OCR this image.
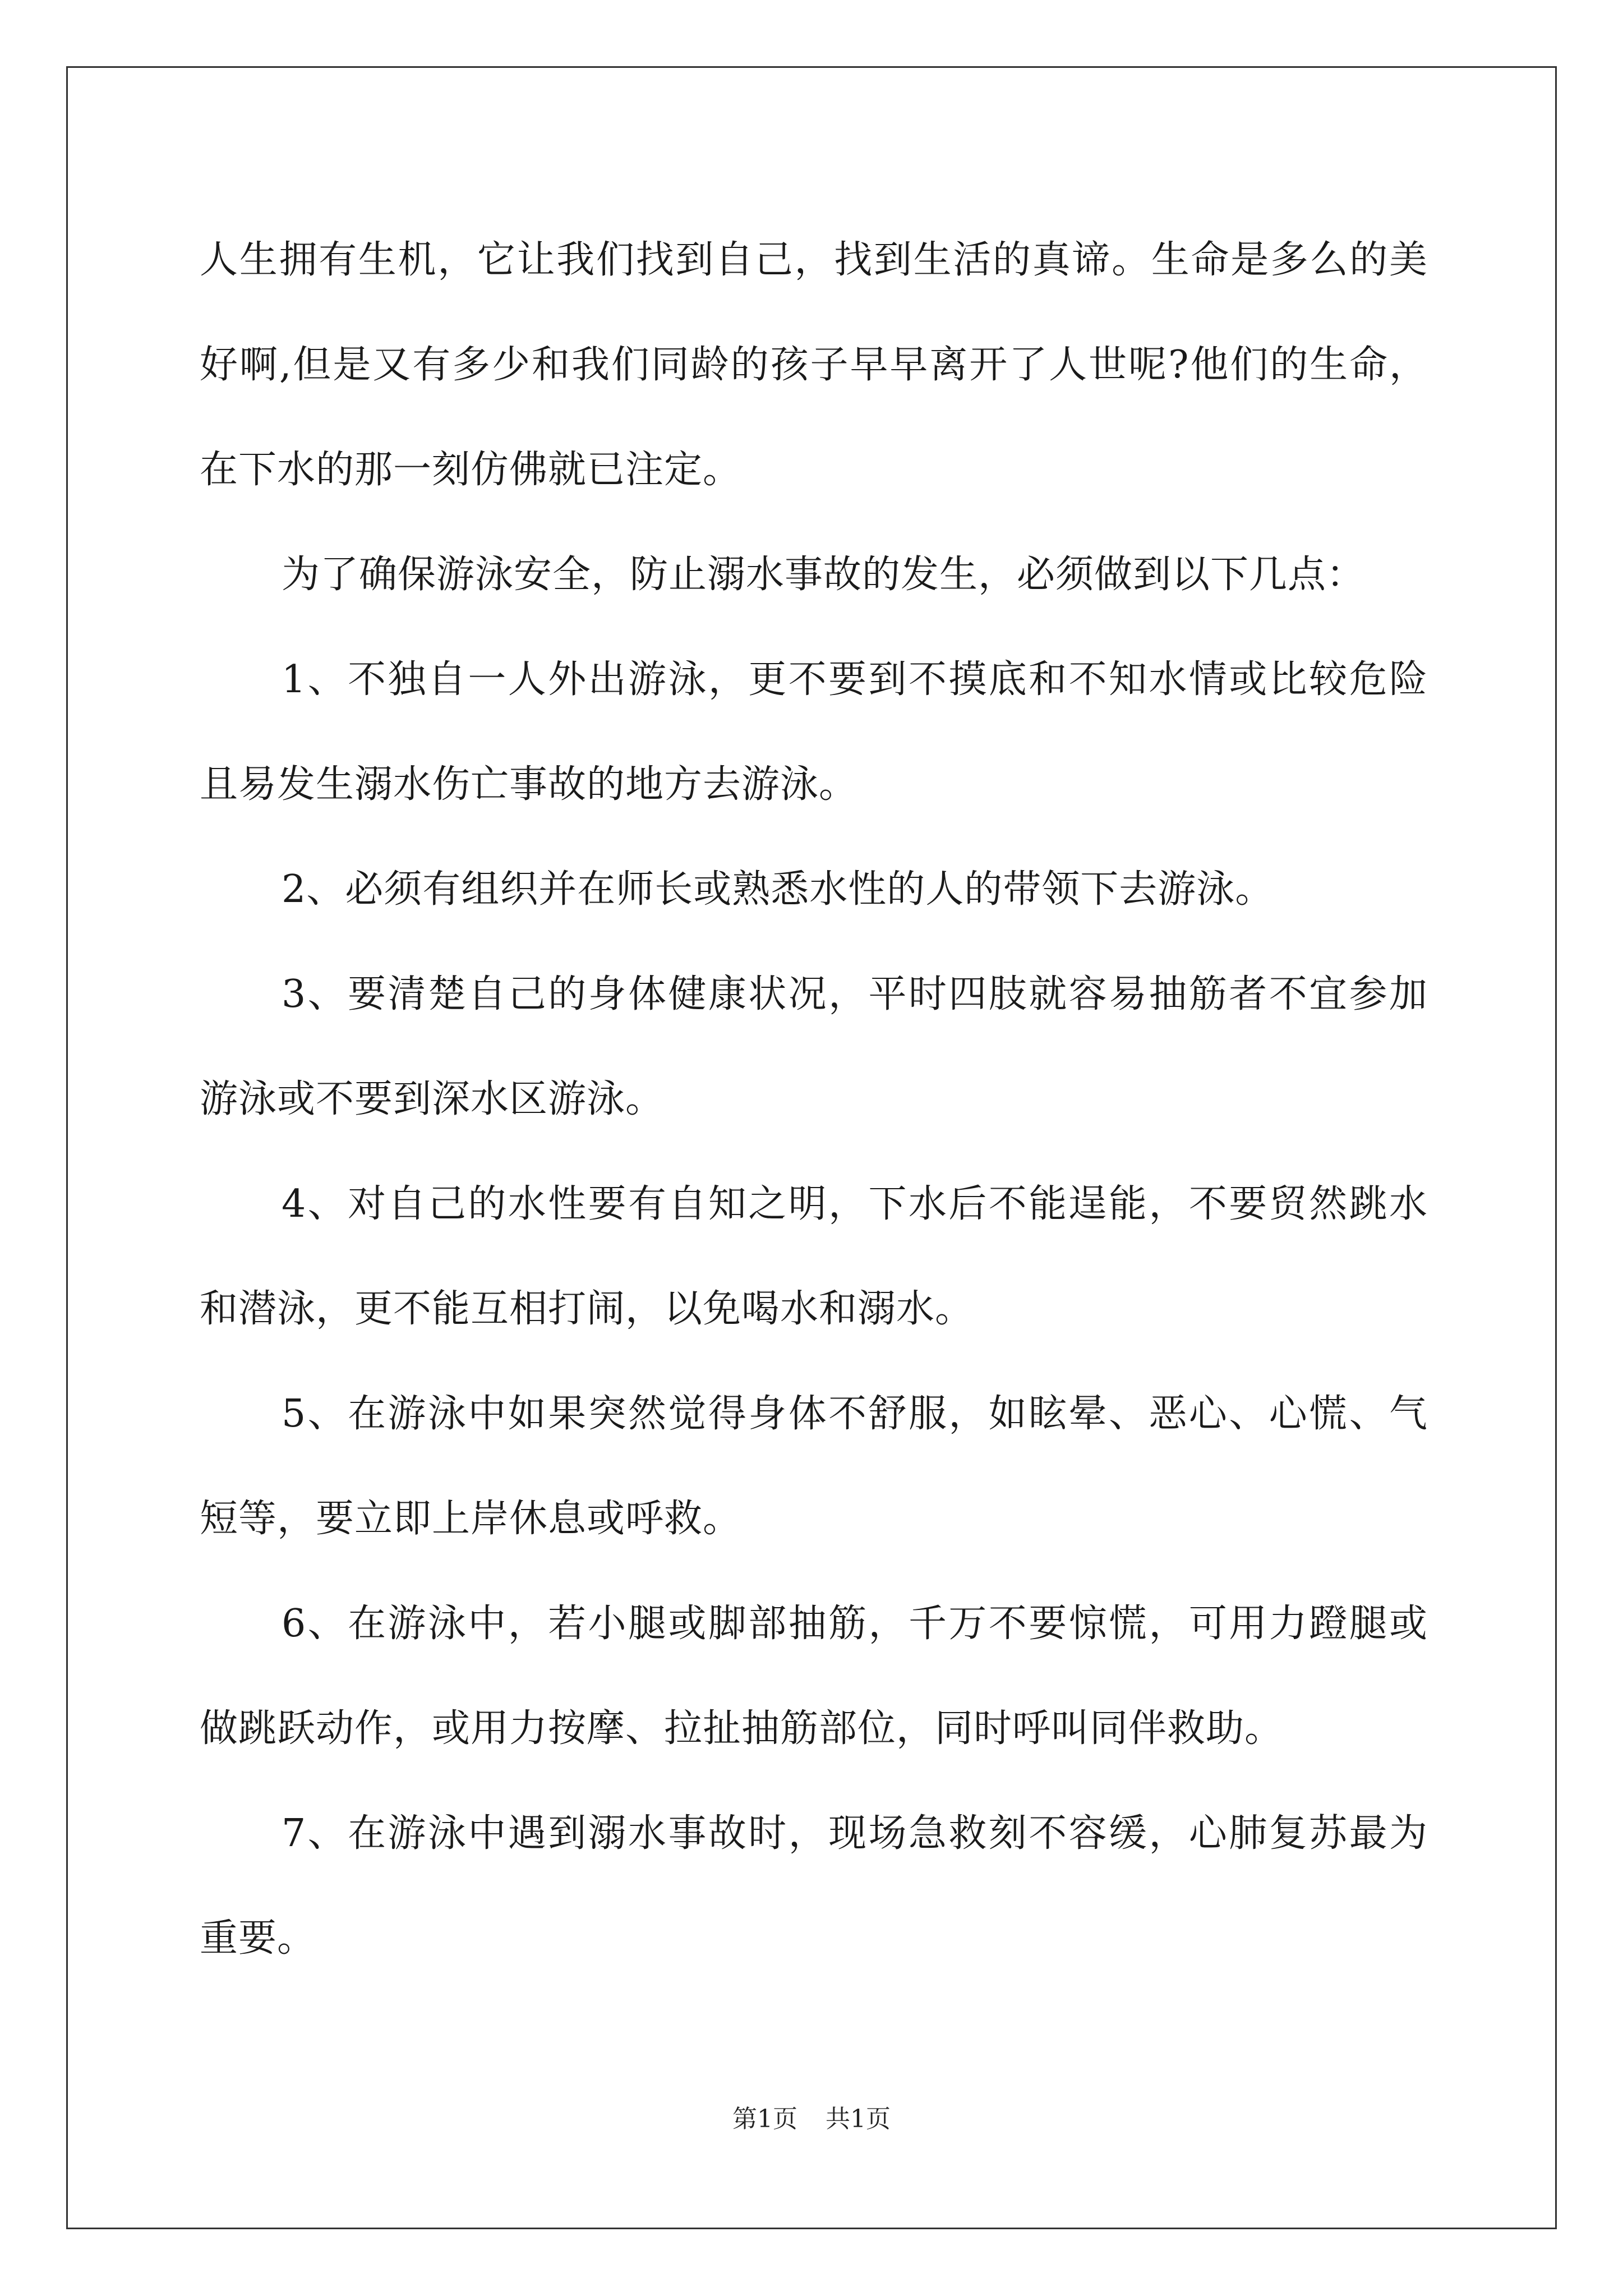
人生拥有生机，它让我们找到自己，找到生活的真谛。生命是多么的美好啊,但是又有多少和我们同龄的孩子早早离开了人世呢?他们的生命，在下水的那一刻仿佛就已注定。

为了确保游泳安全，防止溺水事故的发生，必须做到以下几点：

1、不独自一人外出游泳，更不要到不摸底和不知水情或比较危险且易发生溺水伤亡事故的地方去游泳。

2、必须有组织并在师长或熟悉水性的人的带领下去游泳。

3、要清楚自己的身体健康状况，平时四肢就容易抽筋者不宜参加游泳或不要到深水区游泳。

4、对自己的水性要有自知之明，下水后不能逞能，不要贸然跳水和潜泳，更不能互相打闹，以免喝水和溺水。

5、在游泳中如果突然觉得身体不舒服，如眩晕、恶心、心慌、气短等，要立即上岸休息或呼救。

6、在游泳中，若小腿或脚部抽筋，千万不要惊慌，可用力蹬腿或做跳跃动作，或用力按摩、拉扯抽筋部位，同时呼叫同伴救助。

7、在游泳中遇到溺水事故时，现场急救刻不容缓，心肺复苏最为重要。

第1页 共1页
